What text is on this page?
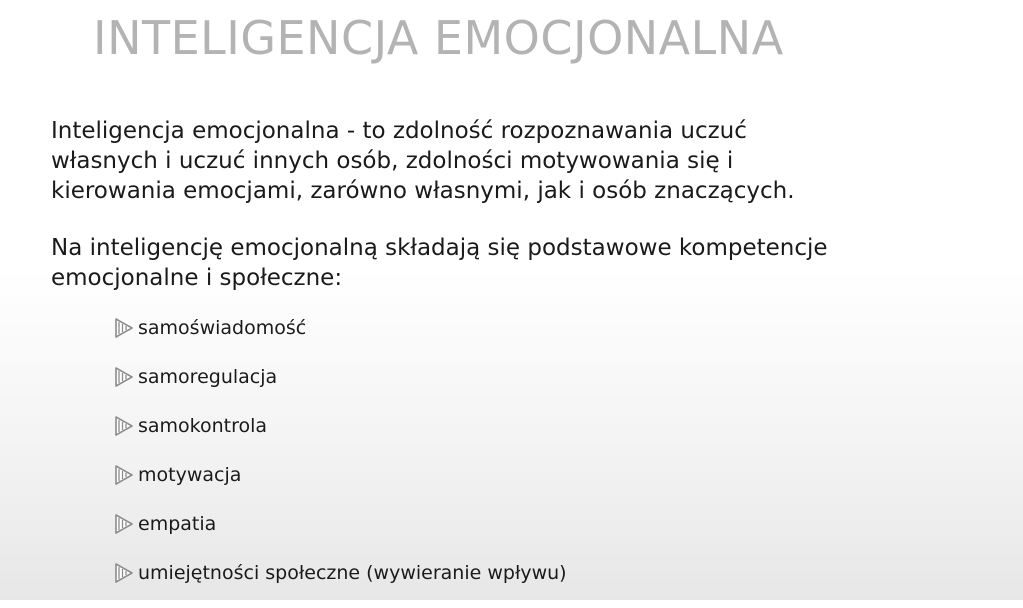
INTELIGENCJA EMOCJONALNA

Inteligencja emocjonalna - to zdolność rozpoznawania uczuć
własnych i uczuć innych osób, zdolności motywowania się i
kierowania emocjami, zarówno własnymi, jak i osób znaczących.

Na inteligencję emocjonalną składają się podstawowe kompetencje
emocjonalne i społeczne:

samoświadomość
samoregulacja
samokontrola
motywacja
empatia
umiejętności społeczne (wywieranie wpływu)
